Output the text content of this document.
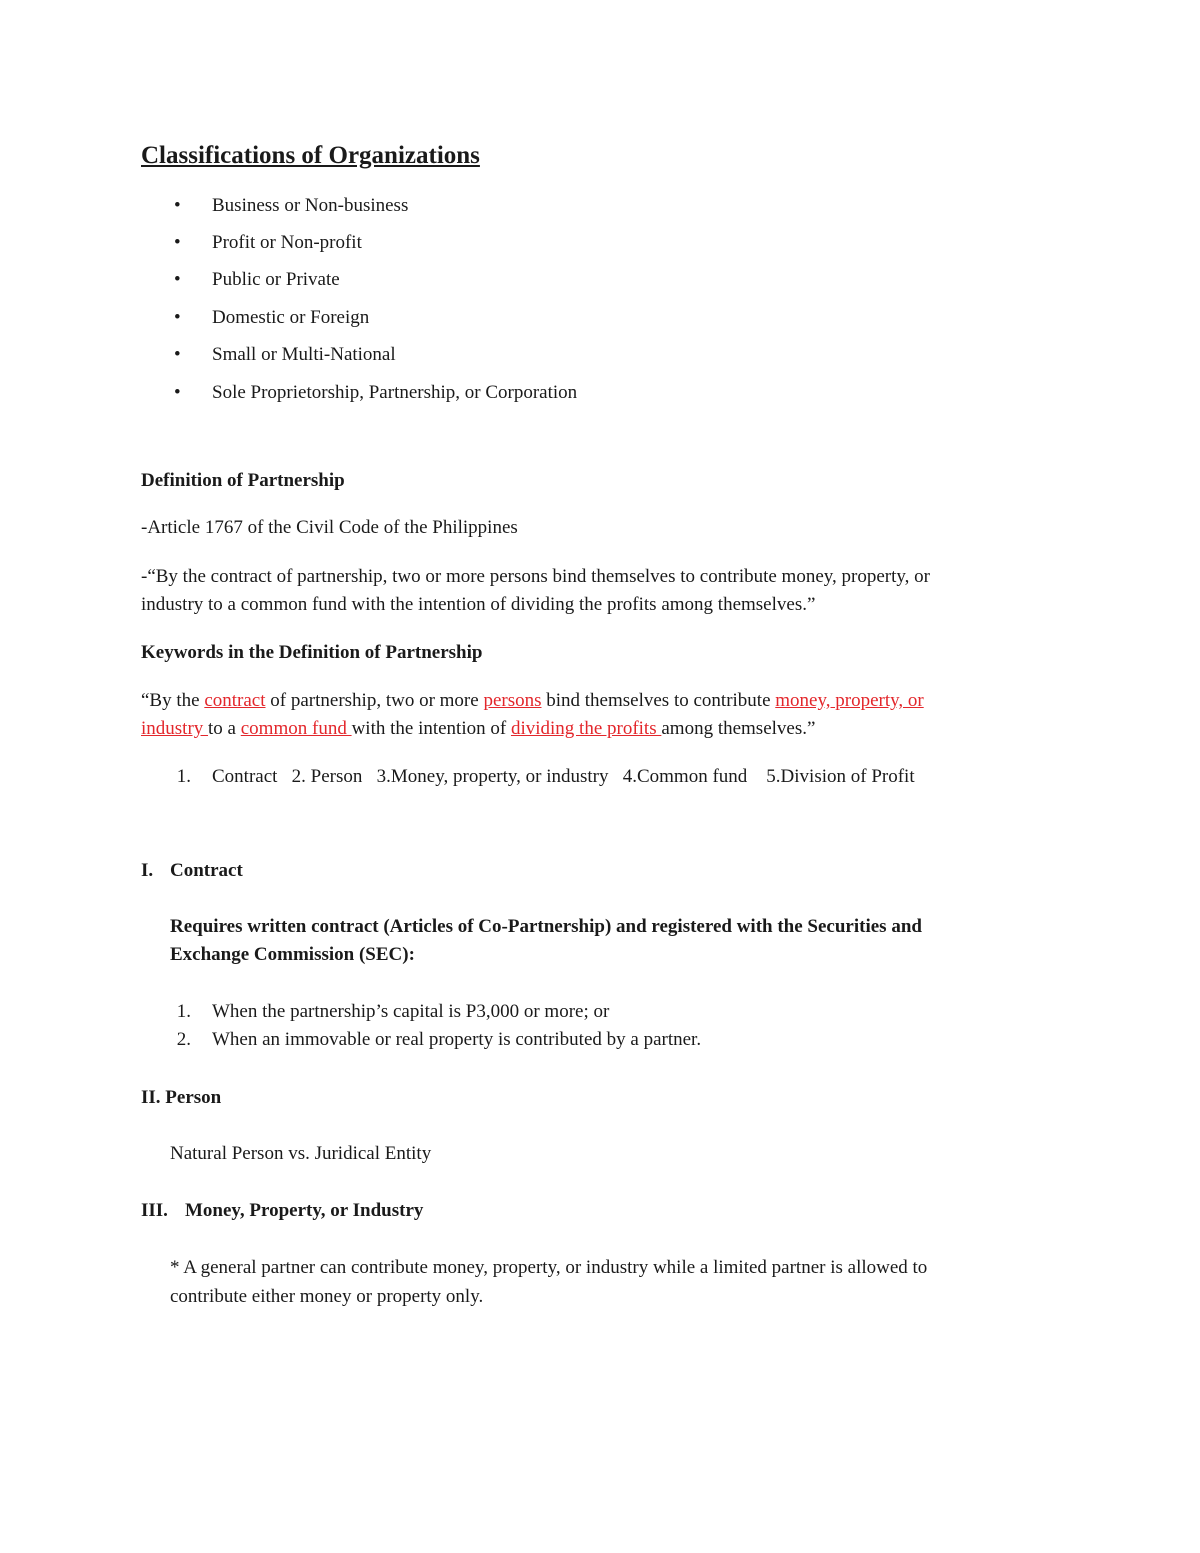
Classifications of Organizations
• Business or Non-business
• Profit or Non-profit
• Public or Private
• Domestic or Foreign
• Small or Multi-National
• Sole Proprietorship, Partnership, or Corporation
Definition of Partnership
-Article 1767 of the Civil Code of the Philippines
-“By the contract of partnership, two or more persons bind themselves to contribute money, property, or
industry to a common fund with the intention of dividing the profits among themselves.”
Keywords in the Definition of Partnership
“By the contract of partnership, two or more persons bind themselves to contribute money, property, or
industry to a common fund with the intention of dividing the profits among themselves.”
1. Contract   2. Person   3.Money, property, or industry   4.Common fund    5.Division of Profit
I. Contract
Requires written contract (Articles of Co-Partnership) and registered with the Securities and
Exchange Commission (SEC):
1. When the partnership’s capital is P3,000 or more; or
2. When an immovable or real property is contributed by a partner.
II. Person
Natural Person vs. Juridical Entity
III. Money, Property, or Industry
* A general partner can contribute money, property, or industry while a limited partner is allowed to
contribute either money or property only.
